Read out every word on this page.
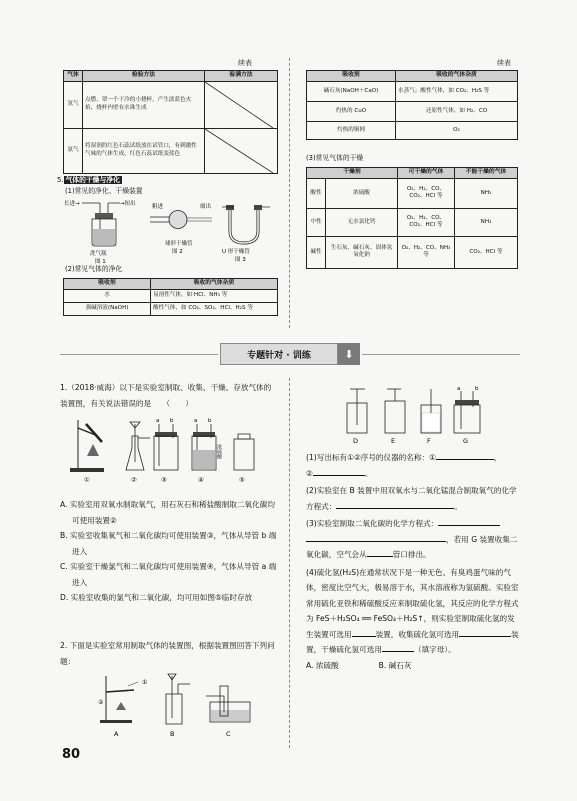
续表
气体	检验方法	验满方法
氢气	点燃，罩一个干冷的小烧杯，产生淡蓝色火焰，烧杯内壁有水珠生成	

氨气	将湿润的红色石蕊试纸放在试管口，有刺激性气味的气体生成，红色石蕊试纸变蓝色	
5. 气体的干燥与净化
(1)常见的净化、干燥装置
长进→	→短出
洗气瓶
图 1
粗进	细出
球形干燥管
图 2	U 形干燥管
图 3
(2)常见气体的净化
吸收剂	吸收的气体杂质
水	易溶性气体，如 HCl、NH₃ 等
强碱溶液(NaOH)	酸性气体，如 CO₂、SO₂、HCl、H₂S 等
续表
吸收剂	吸收的气体杂质
碱石灰(NaOH＋CaO)	水蒸气；酸性气体，如 CO₂、H₂S 等
灼热的 CuO	还原性气体，如 H₂、CO
灼热的铜网	O₂
(3)常见气体的干燥
干燥剂		可干燥的气体	不能干燥的气体
酸性	浓硫酸	O₂、H₂、CO、CO₂、HCl 等	NH₃
中性	无水氯化钙	O₂、H₂、CO、CO₂、HCl 等	NH₃
碱性	生石灰、碱石灰、固体氢氧化钠	O₂、H₂、CO、NH₃ 等	CO₂、HCl 等
专题针对 · 训练	⬇
1.（2018·威海）以下是实验室制取、收集、干燥、存放气体的装置图，有关说法错误的是　　（　　）
①	②
a b
③
a b
④
浓硫酸
⑤
A. 实验室用双氧水制取氧气，用石灰石和稀盐酸制取二氧化碳均可使用装置②
B. 实验室收集氧气和二氧化碳均可使用装置③，气体从导管 b 端进入
C. 实验室干燥氯气和二氧化碳均可使用装置④，气体从导管 a 端进入
D. 实验室收集的氯气和二氧化碳，均可用如图⑤临时存放
2. 下面是实验室常用制取气体的装置图，根据装置图回答下列问题：
①
②
A	B	C
D	E	F
a	b
G
(1)写出标有①②序号的仪器的名称：①	，
②	。
(2)实验室在 B 装置中用双氧水与二氧化锰混合制取氧气的化学方程式：	。
(3)实验室制取二氧化碳的化学方程式：
，若用 G 装置收集二氧化碳，空气会从	管口排出。
(4)硫化氢(H₂S)在通常状况下是一种无色、有臭鸡蛋气味的气体，密度比空气大，极易溶于水，其水溶液称为氢硫酸。实验室常用硫化亚铁和稀硫酸反应来制取硫化氢，其反应的化学方程式为 FeS＋H₂SO₄ ══ FeSO₄＋H₂S↑，则实验室制取硫化氢的发生装置可选用	装置，收集硫化氢可选用	装置，干燥硫化氢可选用	（填字母）。
A. 浓硫酸	B. 碱石灰
80
